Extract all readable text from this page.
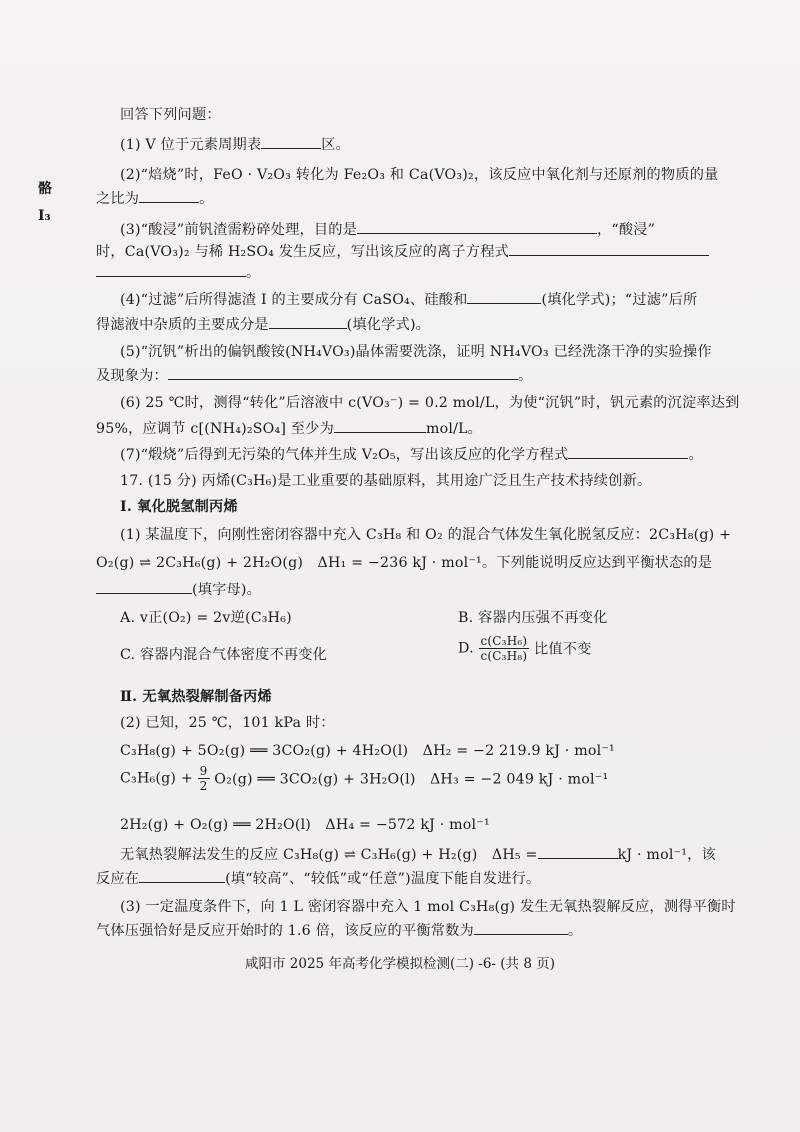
骼
I₃
回答下列问题：
(1) V 位于元素周期表	区。
(2)“焙烧”时，FeO · V₂O₃ 转化为 Fe₂O₃ 和 Ca(VO₃)₂，该反应中氧化剂与还原剂的物质的量
之比为	。
(3)“酸浸”前钒渣需粉碎处理，目的是	，“酸浸”
时，Ca(VO₃)₂ 与稀 H₂SO₄ 发生反应，写出该反应的离子方程式
。
(4)“过滤”后所得滤渣 I 的主要成分有 CaSO₄、硅酸和	(填化学式)；“过滤”后所
得滤液中杂质的主要成分是	(填化学式)。
(5)“沉钒”析出的偏钒酸铵(NH₄VO₃)晶体需要洗涤，证明 NH₄VO₃ 已经洗涤干净的实验操作
及现象为：	。
(6) 25 ℃时，测得“转化”后溶液中 c(VO₃⁻) = 0.2 mol/L，为使“沉钒”时，钒元素的沉淀率达到
95%，应调节 c[(NH₄)₂SO₄] 至少为	mol/L。
(7)“煅烧”后得到无污染的气体并生成 V₂O₅，写出该反应的化学方程式	。
17. (15 分) 丙烯(C₃H₆)是工业重要的基础原料，其用途广泛且生产技术持续创新。
Ⅰ. 氧化脱氢制丙烯
(1) 某温度下，向刚性密闭容器中充入 C₃H₈ 和 O₂ 的混合气体发生氧化脱氢反应：2C₃H₈(g) +
O₂(g) ⇌ 2C₃H₆(g) + 2H₂O(g)　ΔH₁ = −236 kJ · mol⁻¹。下列能说明反应达到平衡状态的是
(填字母)。
A. v正(O₂) = 2v逆(C₃H₆)	B. 容器内压强不再变化
C. 容器内混合气体密度不再变化	D. $\frac{\text{c(C₃H₆)}}{\text{c(C₃H₈)}}$ 比值不变
Ⅱ. 无氧热裂解制备丙烯
(2) 已知，25 ℃，101 kPa 时：
C₃H₈(g) + 5O₂(g) ══ 3CO₂(g) + 4H₂O(l)　ΔH₂ = −2 219.9 kJ · mol⁻¹
$C_3H_6(g) + \frac{9}{2} O_2(g)$ ══ 3CO₂(g) + 3H₂O(l)　ΔH₃ = −2 049 kJ · mol⁻¹
2H₂(g) + O₂(g) ══ 2H₂O(l)　ΔH₄ = −572 kJ · mol⁻¹
无氧热裂解法发生的反应 C₃H₈(g) ⇌ C₃H₆(g) + H₂(g)　ΔH₅ =	kJ · mol⁻¹，该
反应在	(填“较高”、“较低”或“任意”)温度下能自发进行。
(3) 一定温度条件下，向 1 L 密闭容器中充入 1 mol C₃H₈(g) 发生无氧热裂解反应，测得平衡时
气体压强恰好是反应开始时的 1.6 倍，该反应的平衡常数为	。
咸阳市 2025 年高考化学模拟检测(二) -6- (共 8 页)
